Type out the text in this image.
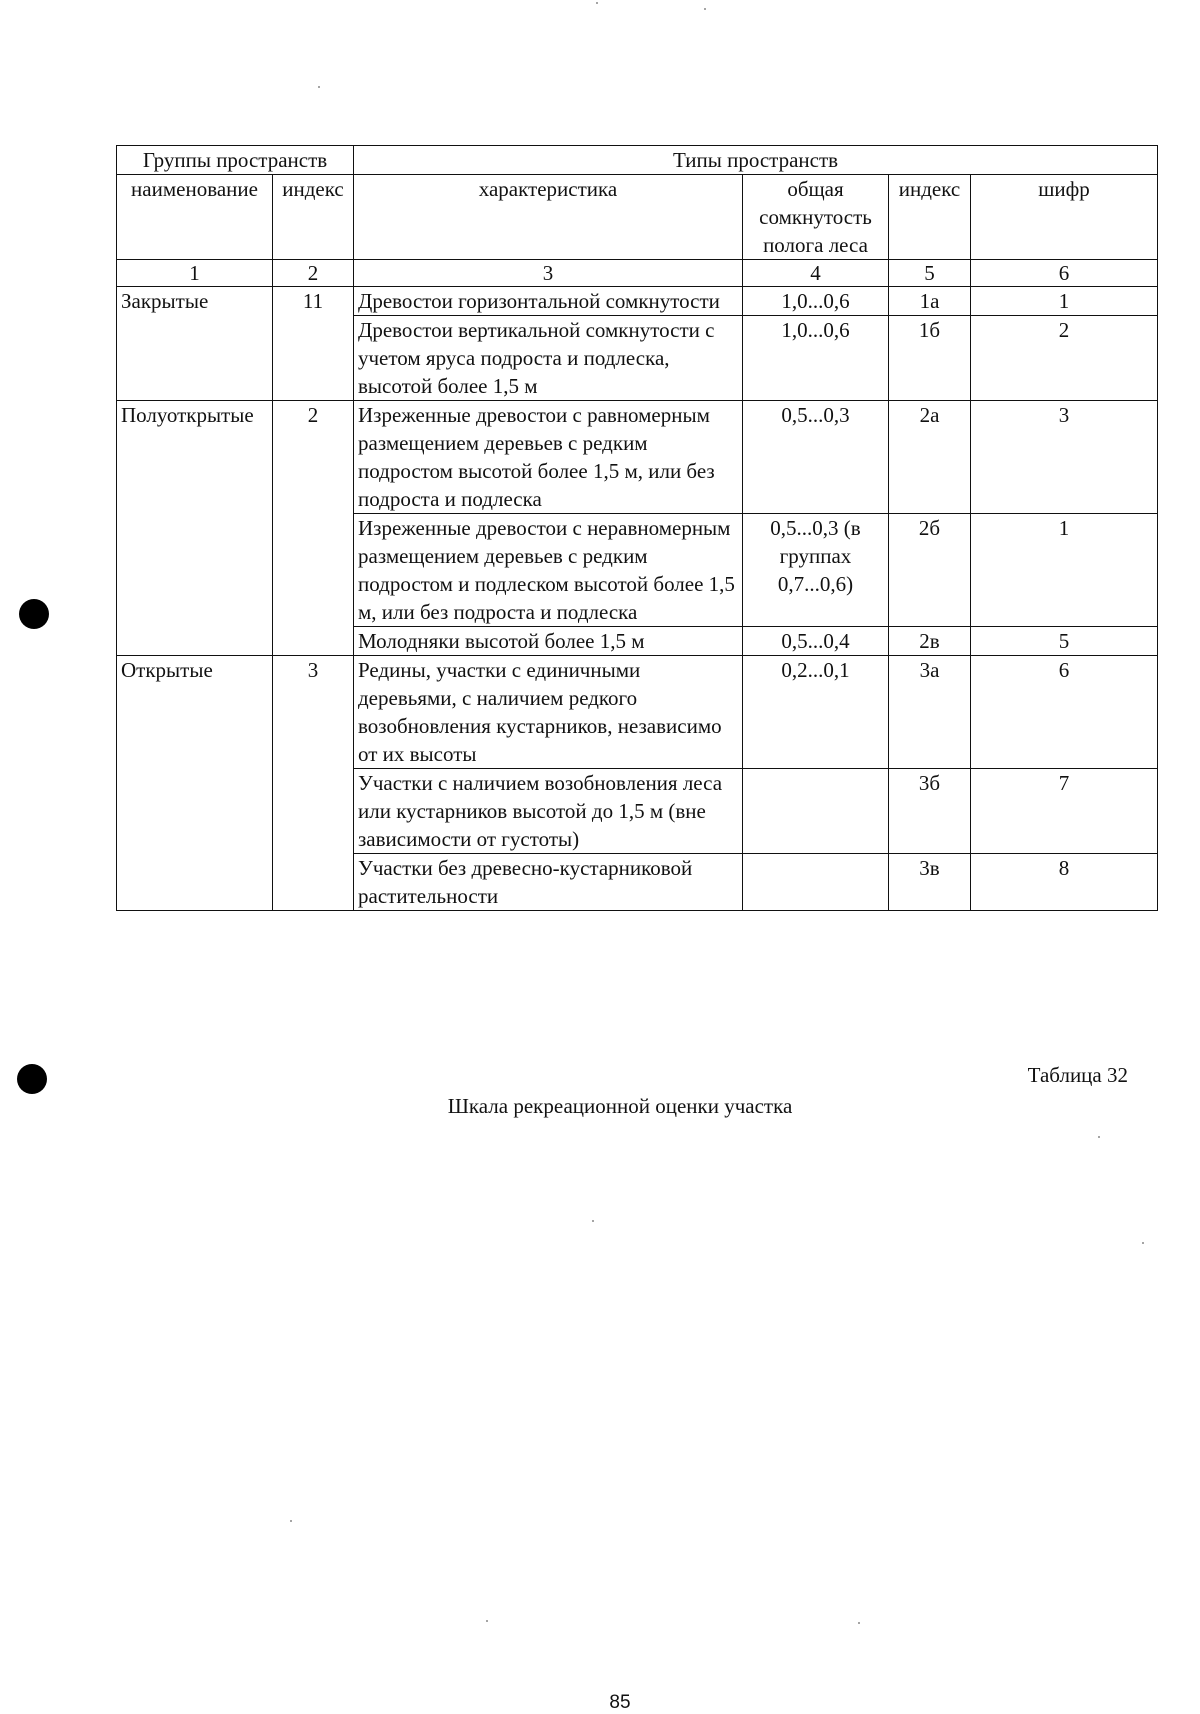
Группы пространств		Типы пространств			
наименование	индекс	характеристика	общая сомкнутость полога леса	индекс	шифр
1	2	3	4	5	6
Закрытые	11	Древостои горизонтальной сомкнутости	1,0...0,6	1а	1
		Древостои вертикальной сомкнутости с учетом яруса подроста и подлеска, высотой более 1,5 м	1,0...0,6	1б	2
Полуоткрытые	2	Изреженные древостои с равномерным размещением деревьев с редким подростом высотой более 1,5 м, или без подроста и подлеска	0,5...0,3	2а	3
		Изреженные древостои с неравномерным размещением деревьев с редким подростом и подлеском высотой более 1,5 м, или без подроста и подлеска	0,5...0,3 (в группах 0,7...0,6)	2б	1
		Молодняки высотой более 1,5 м	0,5...0,4	2в	5
Открытые	3	Редины, участки с единичными деревьями, с наличием редкого возобновления кустарников, независимо от их высоты	0,2...0,1	3а	6
		Участки с наличием возобновления леса или кустарников высотой до 1,5 м (вне зависимости от густоты)		3б	7
		Участки без древесно-кустарниковой растительности		3в	8
Таблица 32
Шкала рекреационной оценки участка
85
